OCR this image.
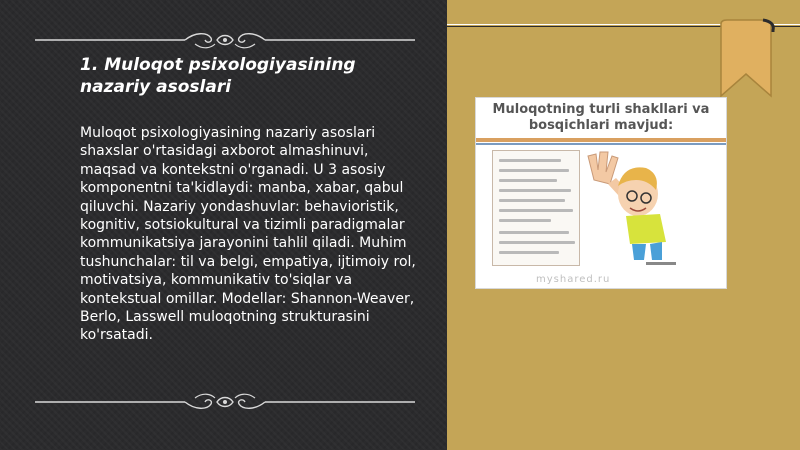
1. Muloqot psixologiyasining nazariy asoslari

Muloqot psixologiyasining nazariy asoslari shaxslar o'rtasidagi axborot almashinuvi, maqsad va kontekstni o'rganadi. U 3 asosiy komponentni ta'kidlaydi: manba, xabar, qabul qiluvchi. Nazariy yondashuvlar: behavioristik, kognitiv, sotsiokultural va tizimli paradigmalar kommunikatsiya jarayonini tahlil qiladi. Muhim tushunchalar: til va belgi, empatiya, ijtimoiy rol, motivatsiya, kommunikativ to'siqlar va kontekstual omillar. Modellar: Shannon-Weaver, Berlo, Lasswell muloqotning strukturasini ko'rsatadi.

Muloqotning turli shakllari va bosqichlari mavjud:

myshared.ru
